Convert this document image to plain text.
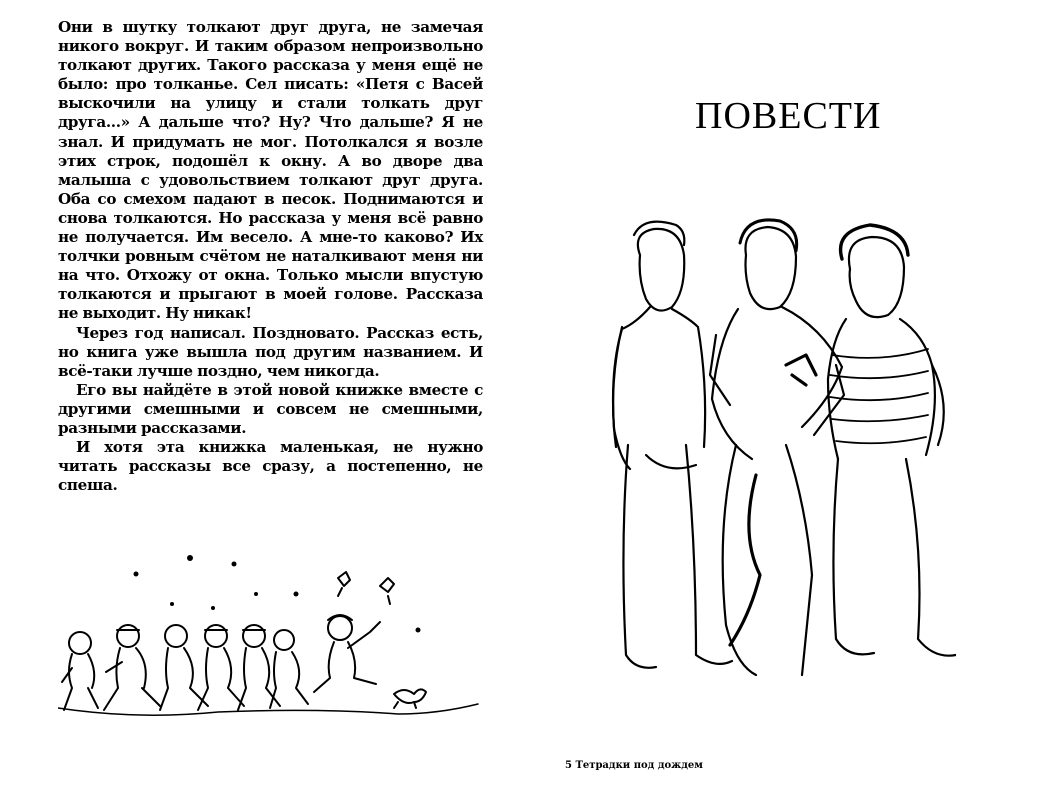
Они в шутку толкают друг друга, не замечая никого вокруг. И таким образом непроизвольно толкают других. Такого рассказа у меня ещё не было: про толканье. Сел писать: «Петя с Васей выскочили на улицу и стали толкать друг друга...» А дальше что? Ну? Что дальше? Я не знал. И придумать не мог. Потолкался я возле этих строк, подошёл к окну. А во дворе два малыша с удовольствием толкают друг друга. Оба со смехом падают в песок. Поднимаются и снова толкаются. Но рассказа у меня всё равно не получается. Им весело. А мне-то каково? Их толчки ровным счётом не наталкивают меня ни на что. Отхожу от окна. Только мысли впустую толкаются и прыгают в моей голове. Рассказа не выходит. Ну никак!

Через год написал. Поздновато. Рассказ есть, но книга уже вышла под другим названием. И всё-таки лучше поздно, чем никогда.

Его вы найдёте в этой новой книжке вместе с другими смешными и совсем не смешными, разными рассказами.

И хотя эта книжка маленькая, не нужно читать рассказы все сразу, а постепенно, не спеша.

ПОВЕСТИ
5 Тетрадки под дождем
